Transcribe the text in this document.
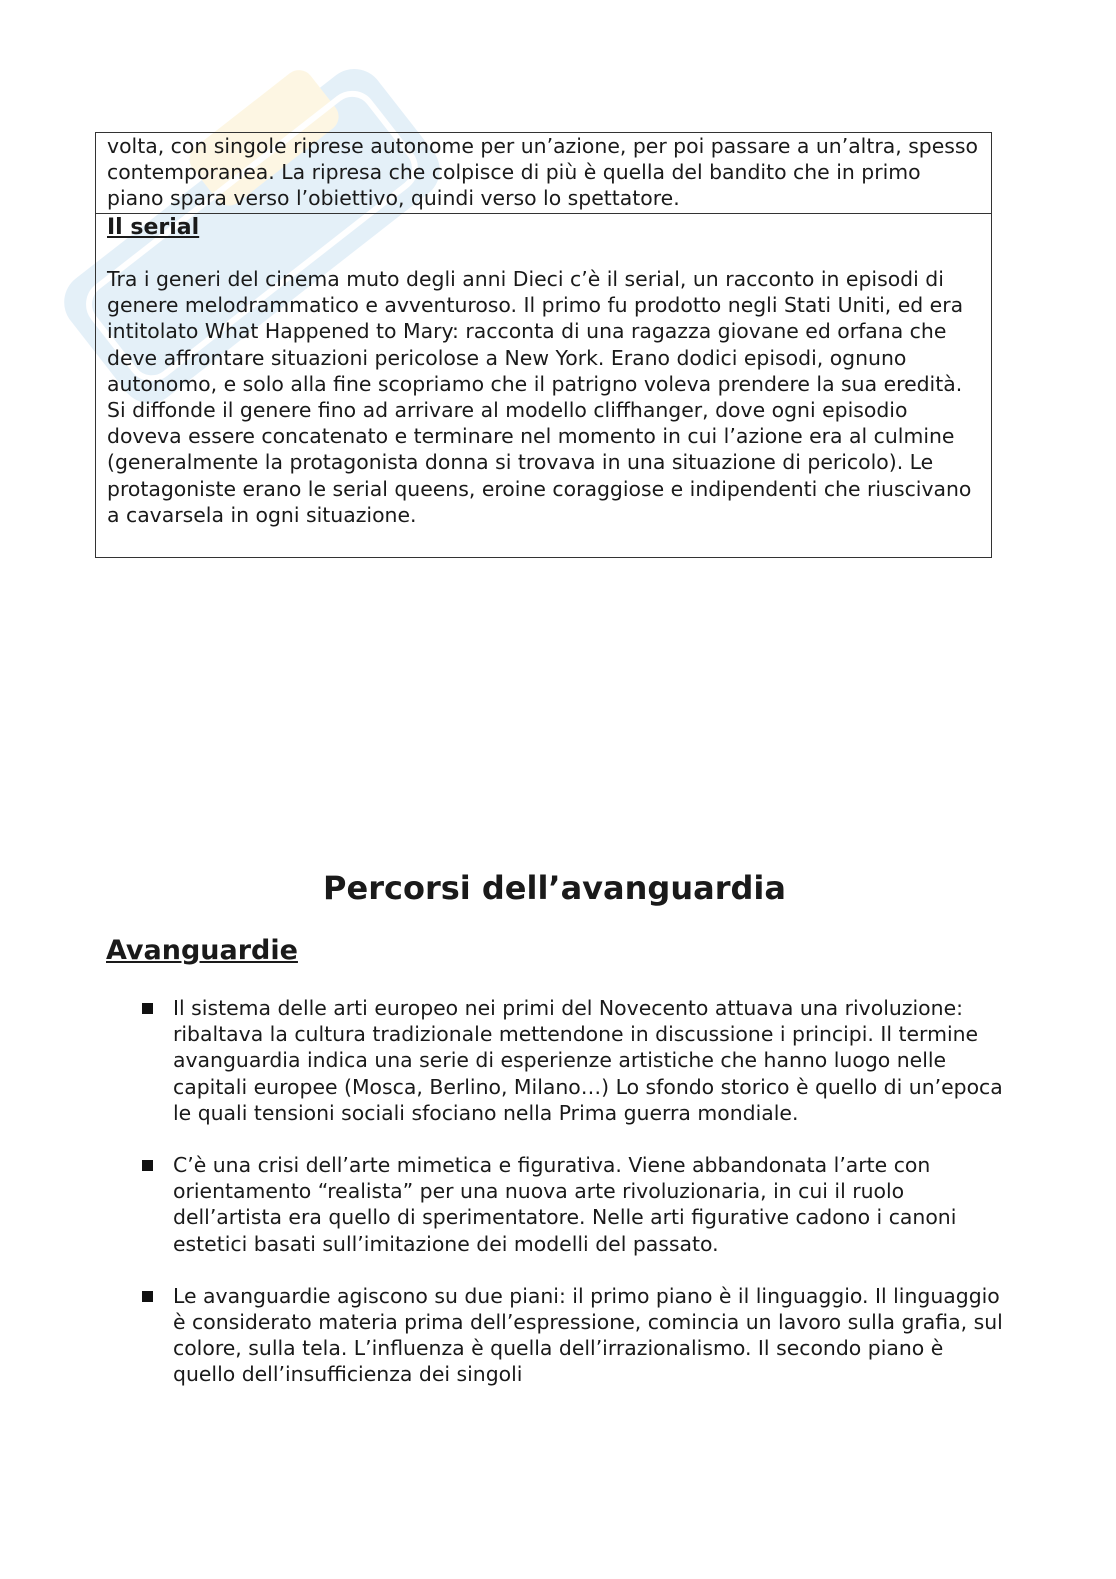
volta, con singole riprese autonome per un’azione, per poi passare a un’altra, spesso contemporanea. La ripresa che colpisce di più è quella del bandito che in primo piano spara verso l’obiettivo, quindi verso lo spettatore.

Il serial

Tra i generi del cinema muto degli anni Dieci c’è il serial, un racconto in episodi di genere melodrammatico e avventuroso. Il primo fu prodotto negli Stati Uniti, ed era intitolato What Happened to Mary: racconta di una ragazza giovane ed orfana che deve affrontare situazioni pericolose a New York. Erano dodici episodi, ognuno autonomo, e solo alla fine scopriamo che il patrigno voleva prendere la sua eredità. Si diffonde il genere fino ad arrivare al modello cliffhanger, dove ogni episodio doveva essere concatenato e terminare nel momento in cui l’azione era al culmine (generalmente la protagonista donna si trovava in una situazione di pericolo). Le protagoniste erano le serial queens, eroine coraggiose e indipendenti che riuscivano a cavarsela in ogni situazione.

Percorsi dell’avanguardia
Avanguardie
Il sistema delle arti europeo nei primi del Novecento attuava una rivoluzione: ribaltava la cultura tradizionale mettendone in discussione i principi. Il termine avanguardia indica una serie di esperienze artistiche che hanno luogo nelle capitali europee (Mosca, Berlino, Milano…) Lo sfondo storico è quello di un’epoca le quali tensioni sociali sfociano nella Prima guerra mondiale.
C’è una crisi dell’arte mimetica e figurativa. Viene abbandonata l’arte con orientamento “realista” per una nuova arte rivoluzionaria, in cui il ruolo dell’artista era quello di sperimentatore. Nelle arti figurative cadono i canoni estetici basati sull’imitazione dei modelli del passato.
Le avanguardie agiscono su due piani: il primo piano è il linguaggio. Il linguaggio è considerato materia prima dell’espressione, comincia un lavoro sulla grafia, sul colore, sulla tela. L’influenza è quella dell’irrazionalismo. Il secondo piano è quello dell’insufficienza dei singoli
